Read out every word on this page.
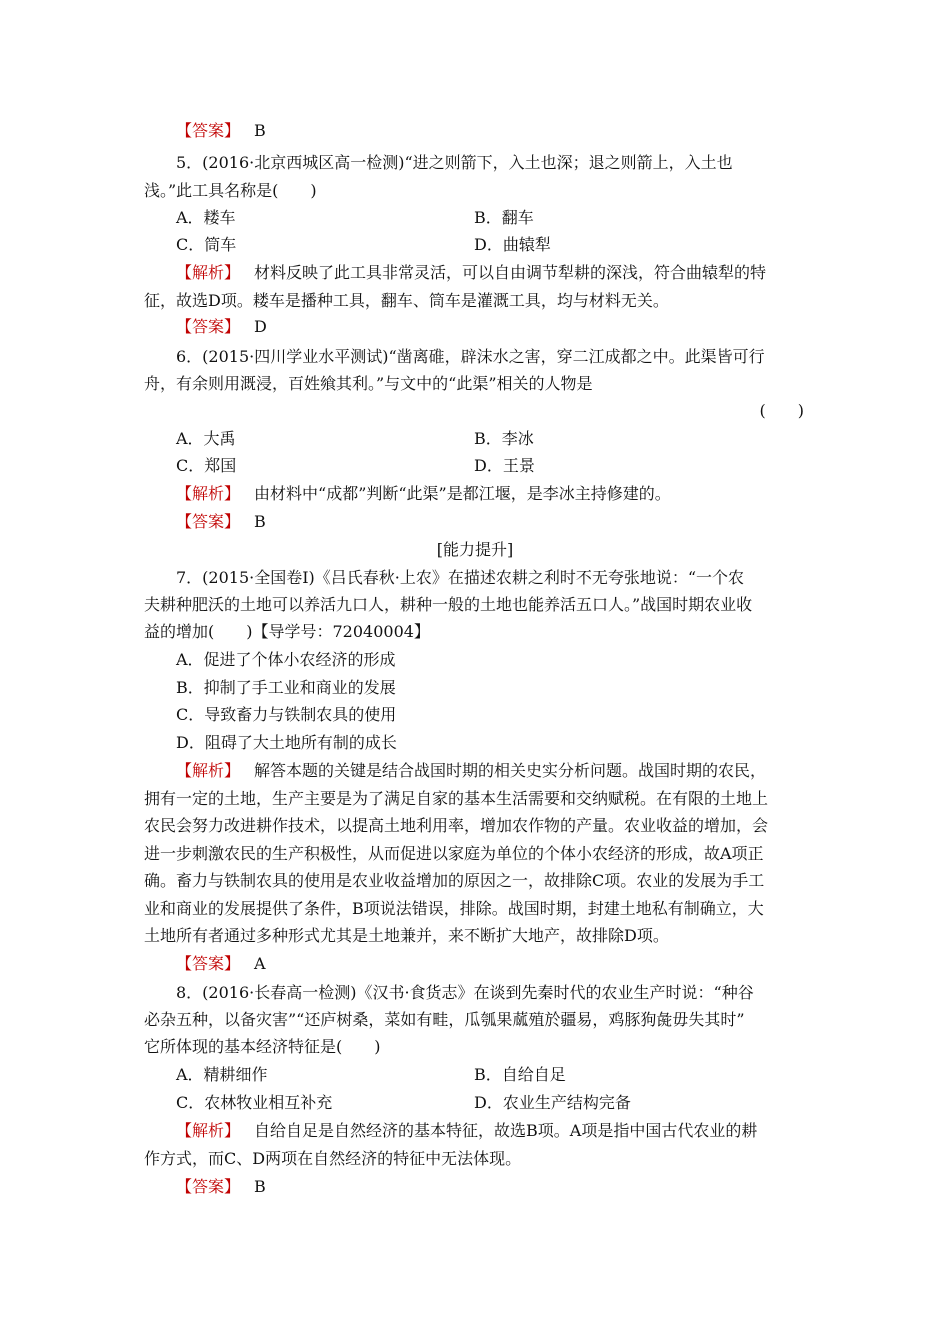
【答案】 B
5．(2016·北京西城区高一检测)“进之则箭下，入土也深；退之则箭上，入土也
浅。”此工具名称是(　　)
A．耧车	B．翻车
C．筒车	D．曲辕犁
【解析】 材料反映了此工具非常灵活，可以自由调节犁耕的深浅，符合曲辕犁的特
征，故选D项。耧车是播种工具，翻车、筒车是灌溉工具，均与材料无关。
【答案】 D
6．(2015·四川学业水平测试)“凿离碓，辟沫水之害，穿二江成都之中。此渠皆可行
舟，有余则用溉浸，百姓飨其利。”与文中的“此渠”相关的人物是
(　　)
A．大禹	B．李冰
C．郑国	D．王景
【解析】 由材料中“成都”判断“此渠”是都江堰，是李冰主持修建的。
【答案】 B
[能力提升]
7．(2015·全国卷Ⅰ)《吕氏春秋·上农》在描述农耕之利时不无夸张地说：“一个农
夫耕种肥沃的土地可以养活九口人，耕种一般的土地也能养活五口人。”战国时期农业收
益的增加(　　)【导学号：72040004】
A．促进了个体小农经济的形成
B．抑制了手工业和商业的发展
C．导致畜力与铁制农具的使用
D．阻碍了大土地所有制的成长
【解析】 解答本题的关键是结合战国时期的相关史实分析问题。战国时期的农民，
拥有一定的土地，生产主要是为了满足自家的基本生活需要和交纳赋税。在有限的土地上
农民会努力改进耕作技术，以提高土地利用率，增加农作物的产量。农业收益的增加，会
进一步刺激农民的生产积极性，从而促进以家庭为单位的个体小农经济的形成，故A项正
确。畜力与铁制农具的使用是农业收益增加的原因之一，故排除C项。农业的发展为手工
业和商业的发展提供了条件，B项说法错误，排除。战国时期，封建土地私有制确立，大
土地所有者通过多种形式尤其是土地兼并，来不断扩大地产，故排除D项。
【答案】 A
8．(2016·长春高一检测)《汉书·食货志》在谈到先秦时代的农业生产时说：“种谷
必杂五种，以备灾害”“还庐树桑，菜如有畦，瓜瓠果蓏殖於疆易，鸡豚狗彘毋失其时”
它所体现的基本经济特征是(　　)
A．精耕细作	B．自给自足
C．农林牧业相互补充	D．农业生产结构完备
【解析】 自给自足是自然经济的基本特征，故选B项。A项是指中国古代农业的耕
作方式，而C、D两项在自然经济的特征中无法体现。
【答案】 B
